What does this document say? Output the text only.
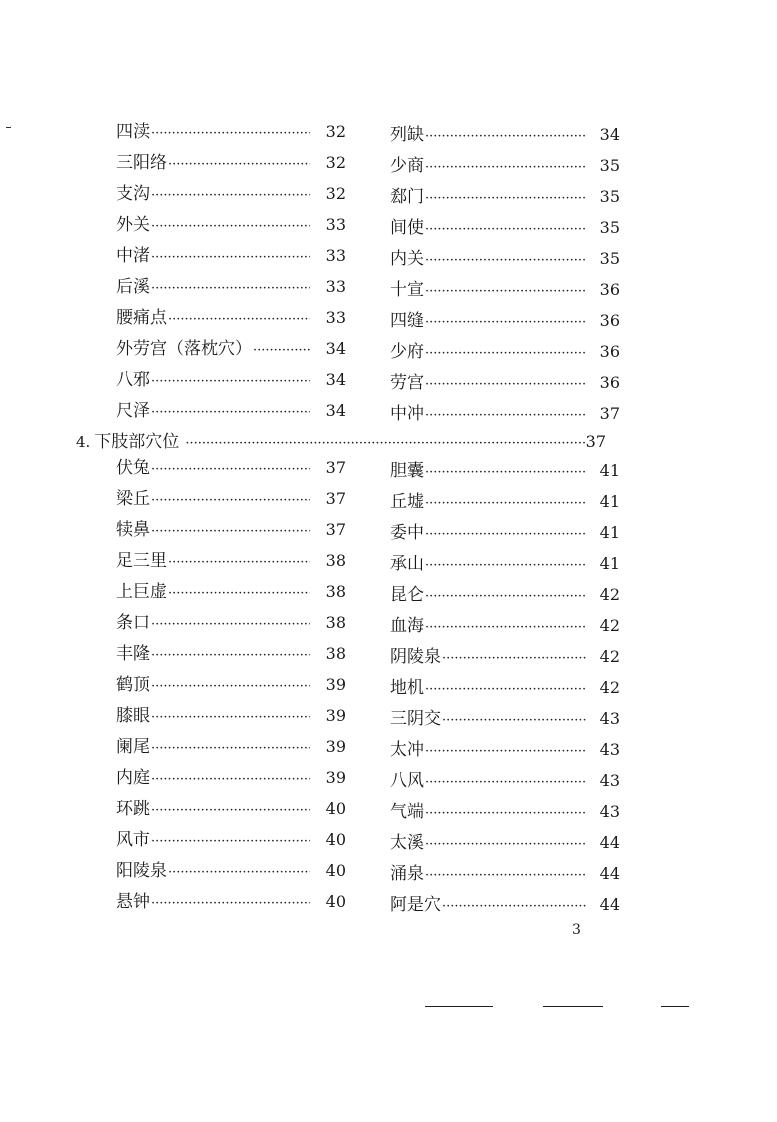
四渎 ·····	32
三阳络 ·····	32
支沟 ·····	32
外关 ·····	33
中渚 ·····	33
后溪 ·····	33
腰痛点 ·····	33
外劳宫（落枕穴） ·····	34
八邪 ·····	34
尺泽 ·····	34
列缺 ·····	34
少商 ·····	35
郄门 ·····	35
间使 ·····	35
内关 ·····	35
十宣 ·····	36
四缝 ·····	36
少府 ·····	36
劳宫 ·····	36
中冲 ·····	37
4. 下肢部穴位 ·····	37
伏兔 ·····	37
梁丘 ·····	37
犊鼻 ·····	37
足三里 ·····	38
上巨虚 ·····	38
条口 ·····	38
丰隆 ·····	38
鹤顶 ·····	39
膝眼 ·····	39
阑尾 ·····	39
内庭 ·····	39
环跳 ·····	40
风市 ·····	40
阳陵泉 ·····	40
悬钟 ·····	40
胆囊 ·····	41
丘墟 ·····	41
委中 ·····	41
承山 ·····	41
昆仑 ·····	42
血海 ·····	42
阴陵泉 ·····	42
地机 ·····	42
三阴交 ·····	43
太冲 ·····	43
八风 ·····	43
气端 ·····	43
太溪 ·····	44
涌泉 ·····	44
阿是穴 ·····	44
3
